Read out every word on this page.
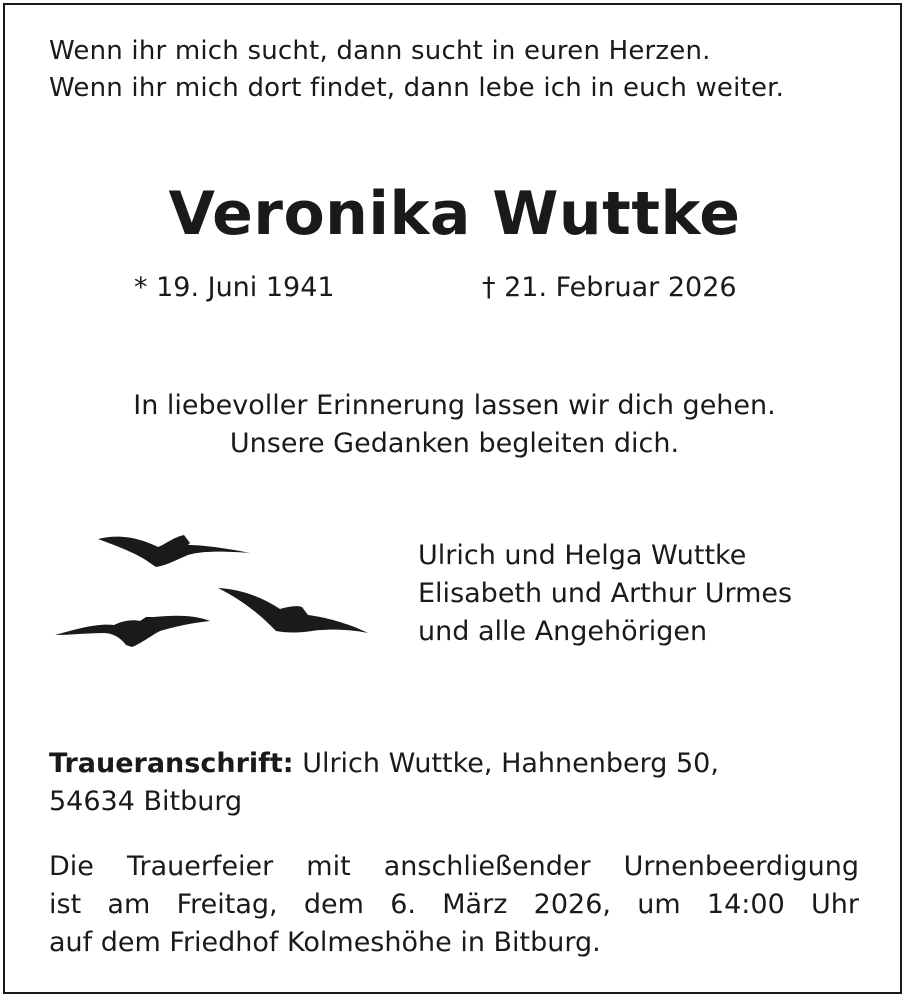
Wenn ihr mich sucht, dann sucht in euren Herzen.
Wenn ihr mich dort findet, dann lebe ich in euch weiter.
Veronika Wuttke
* 19. Juni 1941	† 21. Februar 2026
In liebevoller Erinnerung lassen wir dich gehen.
Unsere Gedanken begleiten dich.
Ulrich und Helga Wuttke
Elisabeth und Arthur Urmes
und alle Angehörigen
Traueranschrift: Ulrich Wuttke, Hahnenberg 50,
54634 Bitburg
Die Trauerfeier mit anschließender Urnenbeerdigung
ist am Freitag, dem 6. März 2026, um 14:00 Uhr
auf dem Friedhof Kolmeshöhe in Bitburg.
